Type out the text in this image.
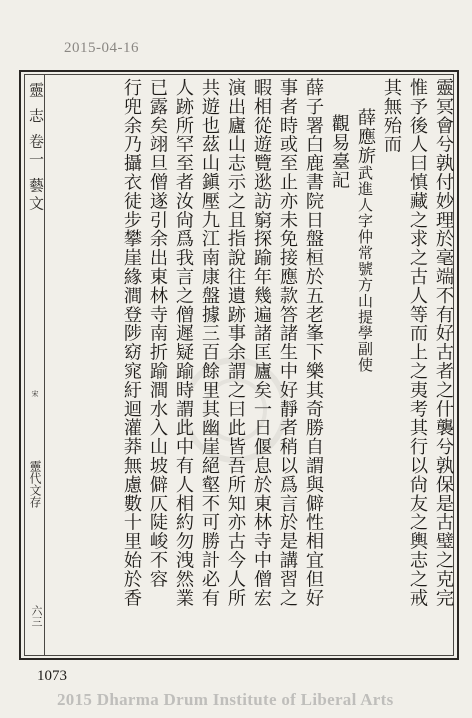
2015-04-16
靈 志 卷一 藝文
宋
靈代文存
六三
靈冥會兮孰付妙理於毫端不有好古者之什襲兮孰保是古璧之克完
惟予後人曰慎藏之求之古人等而上之夷考其行以尙友之輿志之戒
其無殆而
薛應旂武進人字仲常號方山提學副使
觀易臺記
薛子署白鹿書院日盤桓於五老峯下樂其奇勝自謂與僻性相宜但好
事者時或至止亦未免接應款答諸生中好靜者稍以爲言於是講習之
暇相從遊覽逖訪窮探踰年幾遍諸匡廬矣一日偃息於東林寺中僧宏
演出廬山志示之且指說往遺跡事余謂之曰此皆吾所知亦古今人所
共遊也茲山鎭壓九江南康盤據三百餘里其幽崖絕壑不可勝計必有
人跡所罕至者汝尙爲我言之僧遲疑踰時謂此中有人相約勿洩然業
已露矣翊旦僧遂引余出東林寺南折踰澗水入山坡僻仄陡峻不容
行兜余乃攝衣徒步攀崖緣澗登陟窈窕紆迴灌莽無慮數十里始於香
1073
2015 Dharma Drum Institute of Liberal Arts
